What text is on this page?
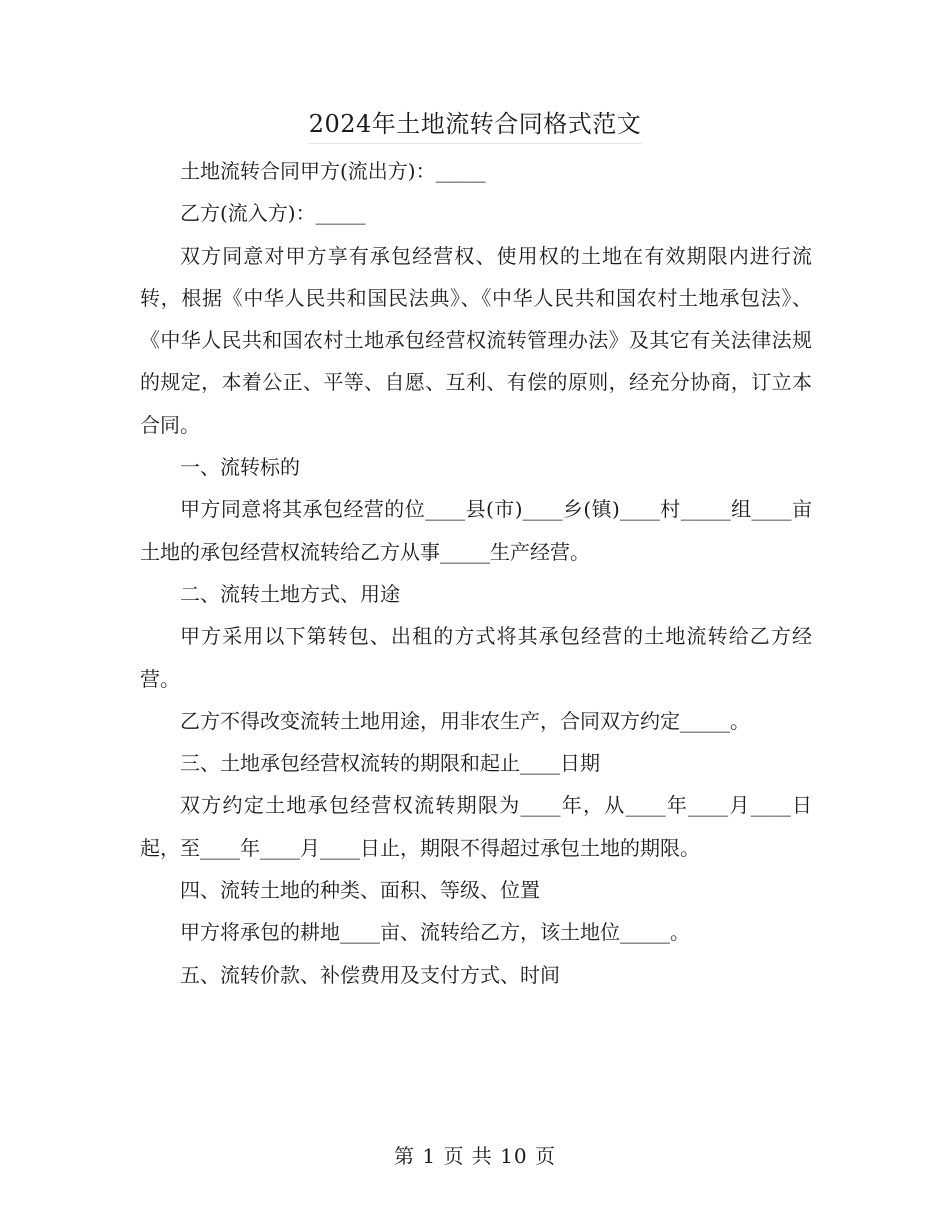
2024年土地流转合同格式范文

土地流转合同甲方(流出方)：_____

乙方(流入方)：_____

双方同意对甲方享有承包经营权、使用权的土地在有效期限内进行流转，根据《中华人民共和国民法典》、《中华人民共和国农村土地承包法》、《中华人民共和国农村土地承包经营权流转管理办法》及其它有关法律法规的规定，本着公正、平等、自愿、互利、有偿的原则，经充分协商，订立本合同。

一、流转标的

甲方同意将其承包经营的位____县(市)____乡(镇)____村_____组____亩土地的承包经营权流转给乙方从事_____生产经营。

二、流转土地方式、用途

甲方采用以下第转包、出租的方式将其承包经营的土地流转给乙方经营。

乙方不得改变流转土地用途，用非农生产，合同双方约定_____。

三、土地承包经营权流转的期限和起止____日期

双方约定土地承包经营权流转期限为____年，从____年____月____日起，至____年____月____日止，期限不得超过承包土地的期限。

四、流转土地的种类、面积、等级、位置

甲方将承包的耕地____亩、流转给乙方，该土地位_____。

五、流转价款、补偿费用及支付方式、时间

第 1 页 共 10 页
